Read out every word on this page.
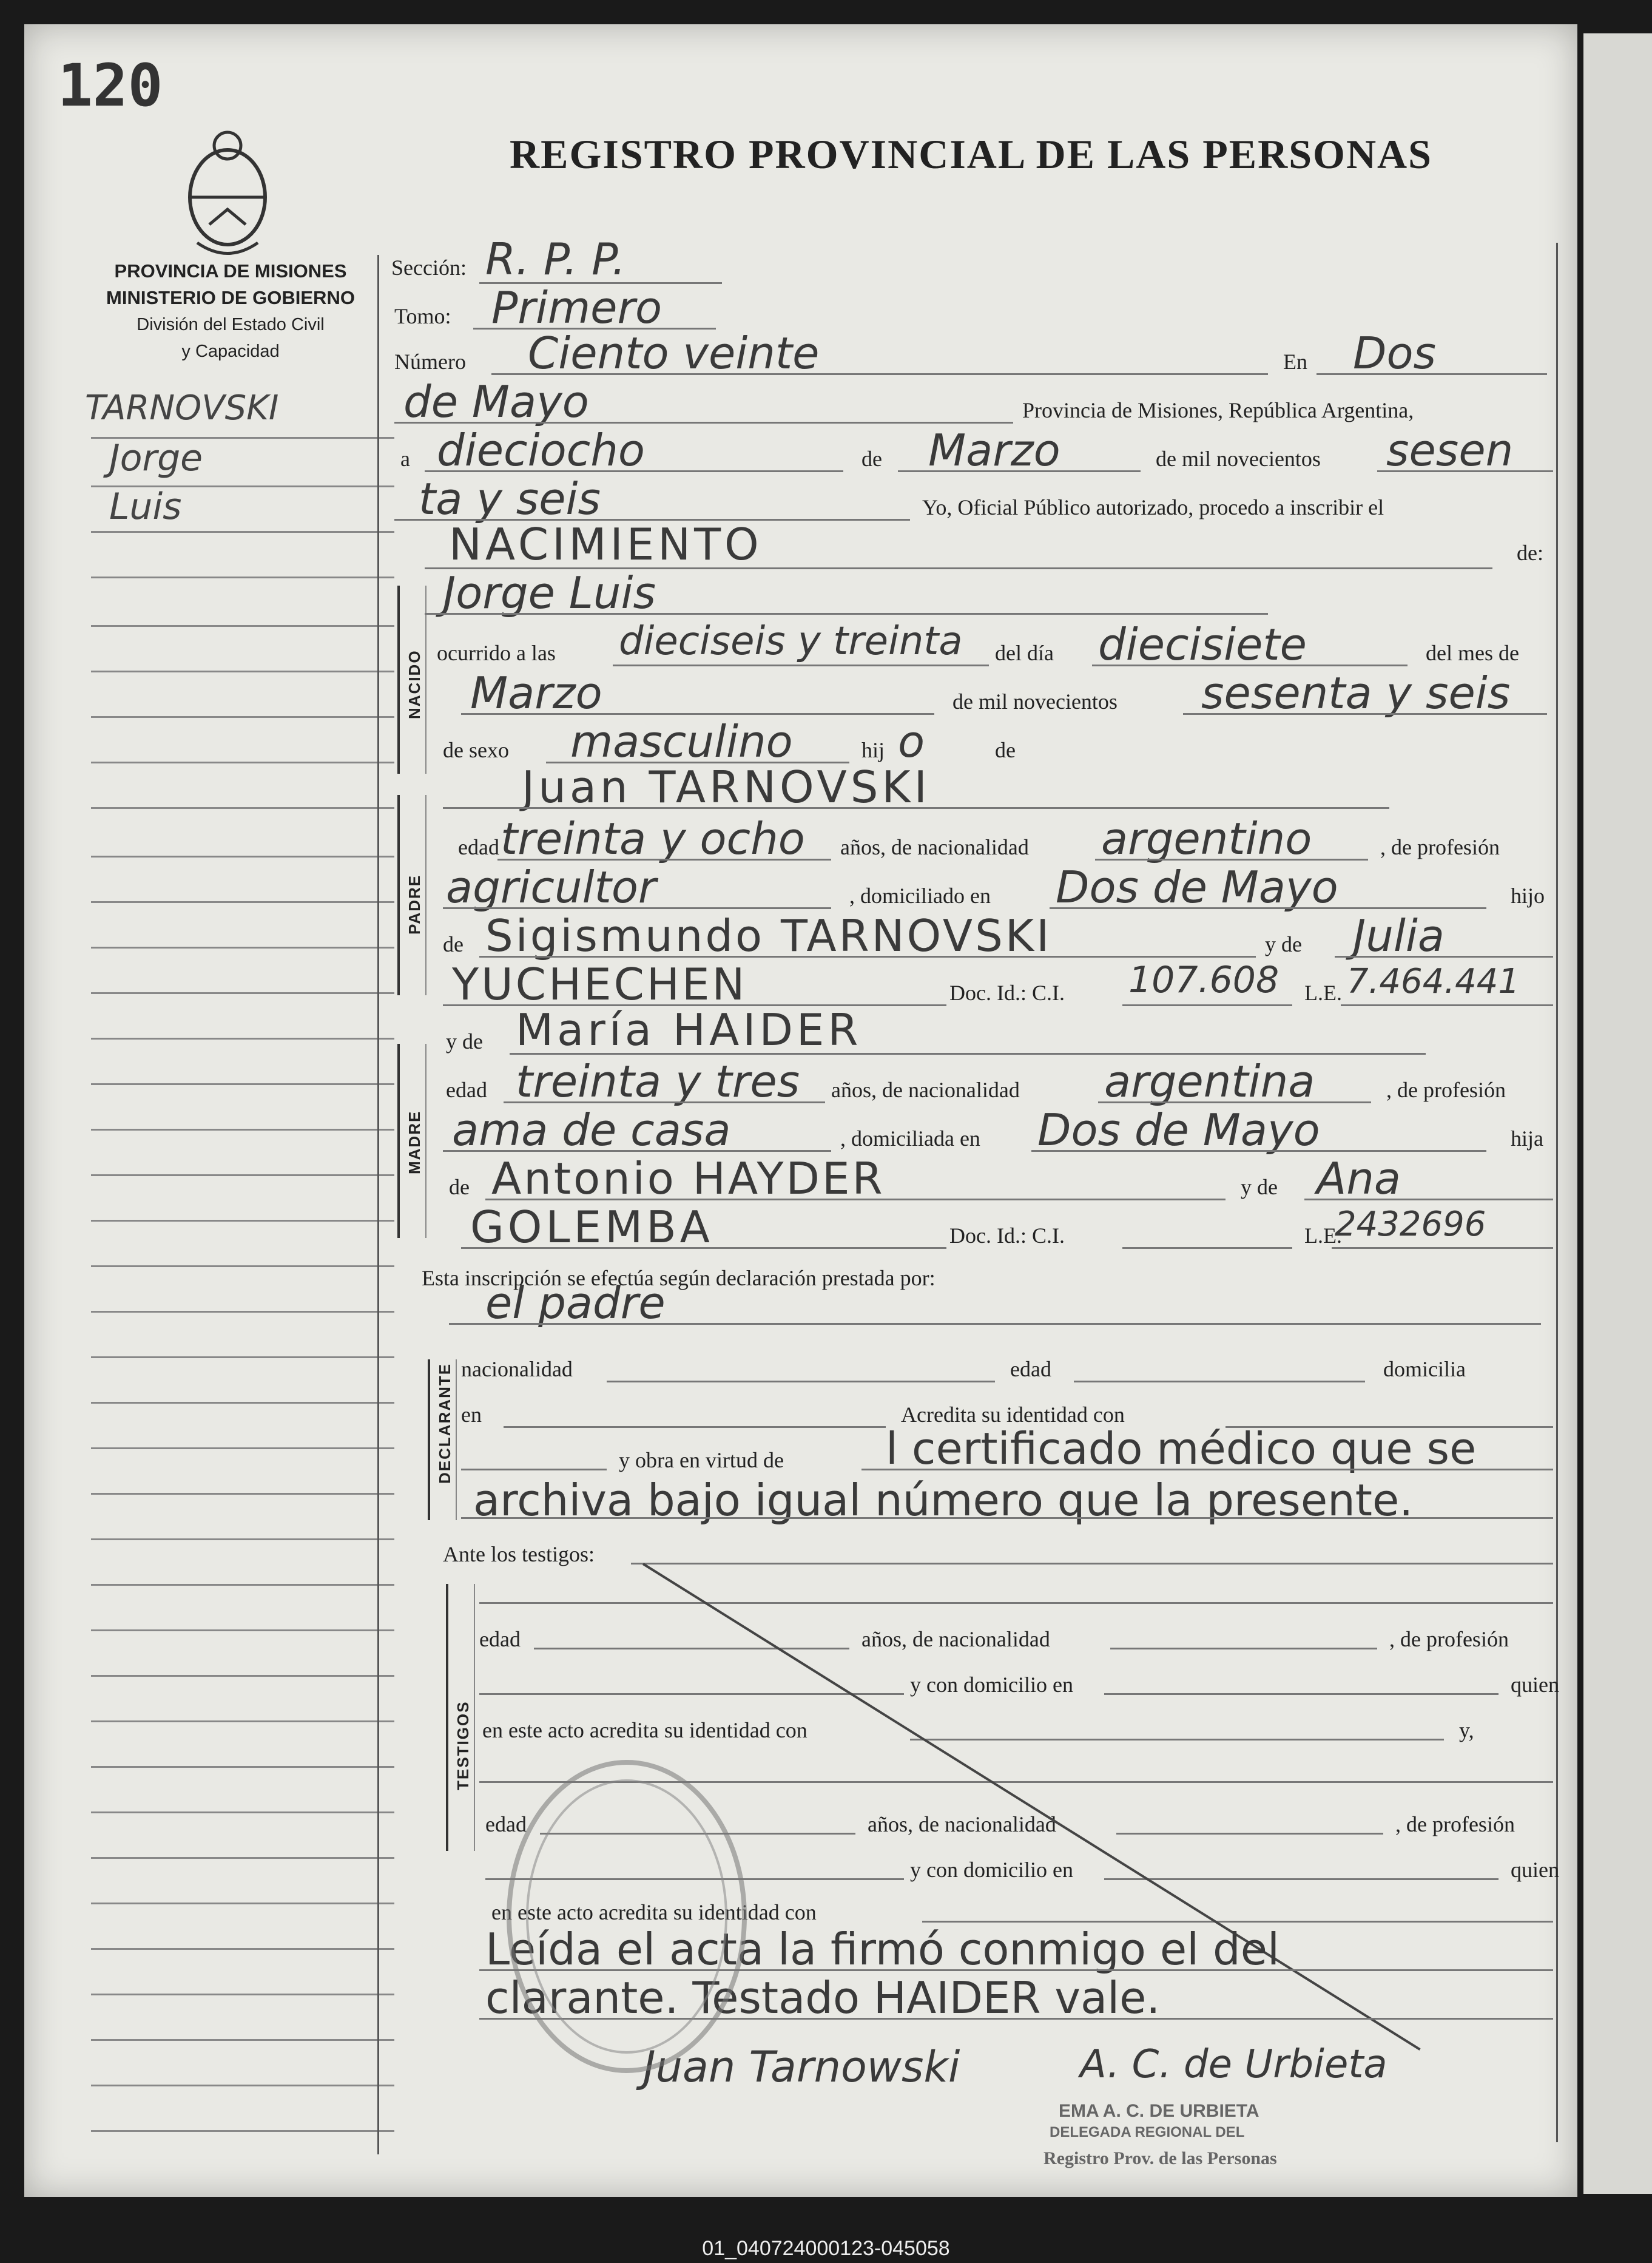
120
REGISTRO PROVINCIAL DE LAS PERSONAS
PROVINCIA DE MISIONES
MINISTERIO DE GOBIERNO
División del Estado Civil
y Capacidad
TARNOVSKI
Jorge
Luis
Sección: R. P. P.
Tomo: Primero
Número Ciento veinte	En Dos
de Mayo	Provincia de Misiones, República Argentina,
a dieciocho	de Marzo	de mil novecientos sesen
ta y seis	Yo, Oficial Público autorizado, procedo a inscribir el
NACIMIENTO	de:
NACIDO
Jorge Luis
ocurrido a las dieciseis y treinta del día diecisiete	del mes de
Marzo	de mil novecientos sesenta y seis
de sexo masculino	hij o	de
PADRE
Juan TARNOVSKI
edad treinta y ocho años, de nacionalidad argentino	, de profesión
agricultor	, domiciliado en Dos de Mayo	hijo
de Sigismundo TARNOVSKI	y de Julia
YUCHECHEN	Doc. Id.: C.I. 107.608 L.E. 7.464.441
MADRE
y de María HAIDER
edad treinta y tres años, de nacionalidad argentina	, de profesión
ama de casa	, domiciliada en Dos de Mayo	hija
de Antonio HAYDER	y de Ana
GOLEMBA	Doc. Id.: C.I.	L.E.
2432696
Esta inscripción se efectúa según declaración prestada por:
DECLARANTE
el padre
nacionalidad	edad	domicilia
en	Acredita su identidad con
y obra en virtud de l certificado médico que se
archiva bajo igual número que la presente.
Ante los testigos:
TESTIGOS
edad	años, de nacionalidad	, de profesión
y con domicilio en	quien
en este acto acredita su identidad con	y,
edad	años, de nacionalidad	, de profesión
y con domicilio en	quien
en este acto acredita su identidad con
Leída el acta la firmó conmigo el del
clarante. Testado HAIDER vale.
Juan Tarnowski	A. C. de Urbieta
EMA A. C. DE URBIETA
DELEGADA REGIONAL DEL
Registro Prov. de las Personas
01_040724000123-045058
